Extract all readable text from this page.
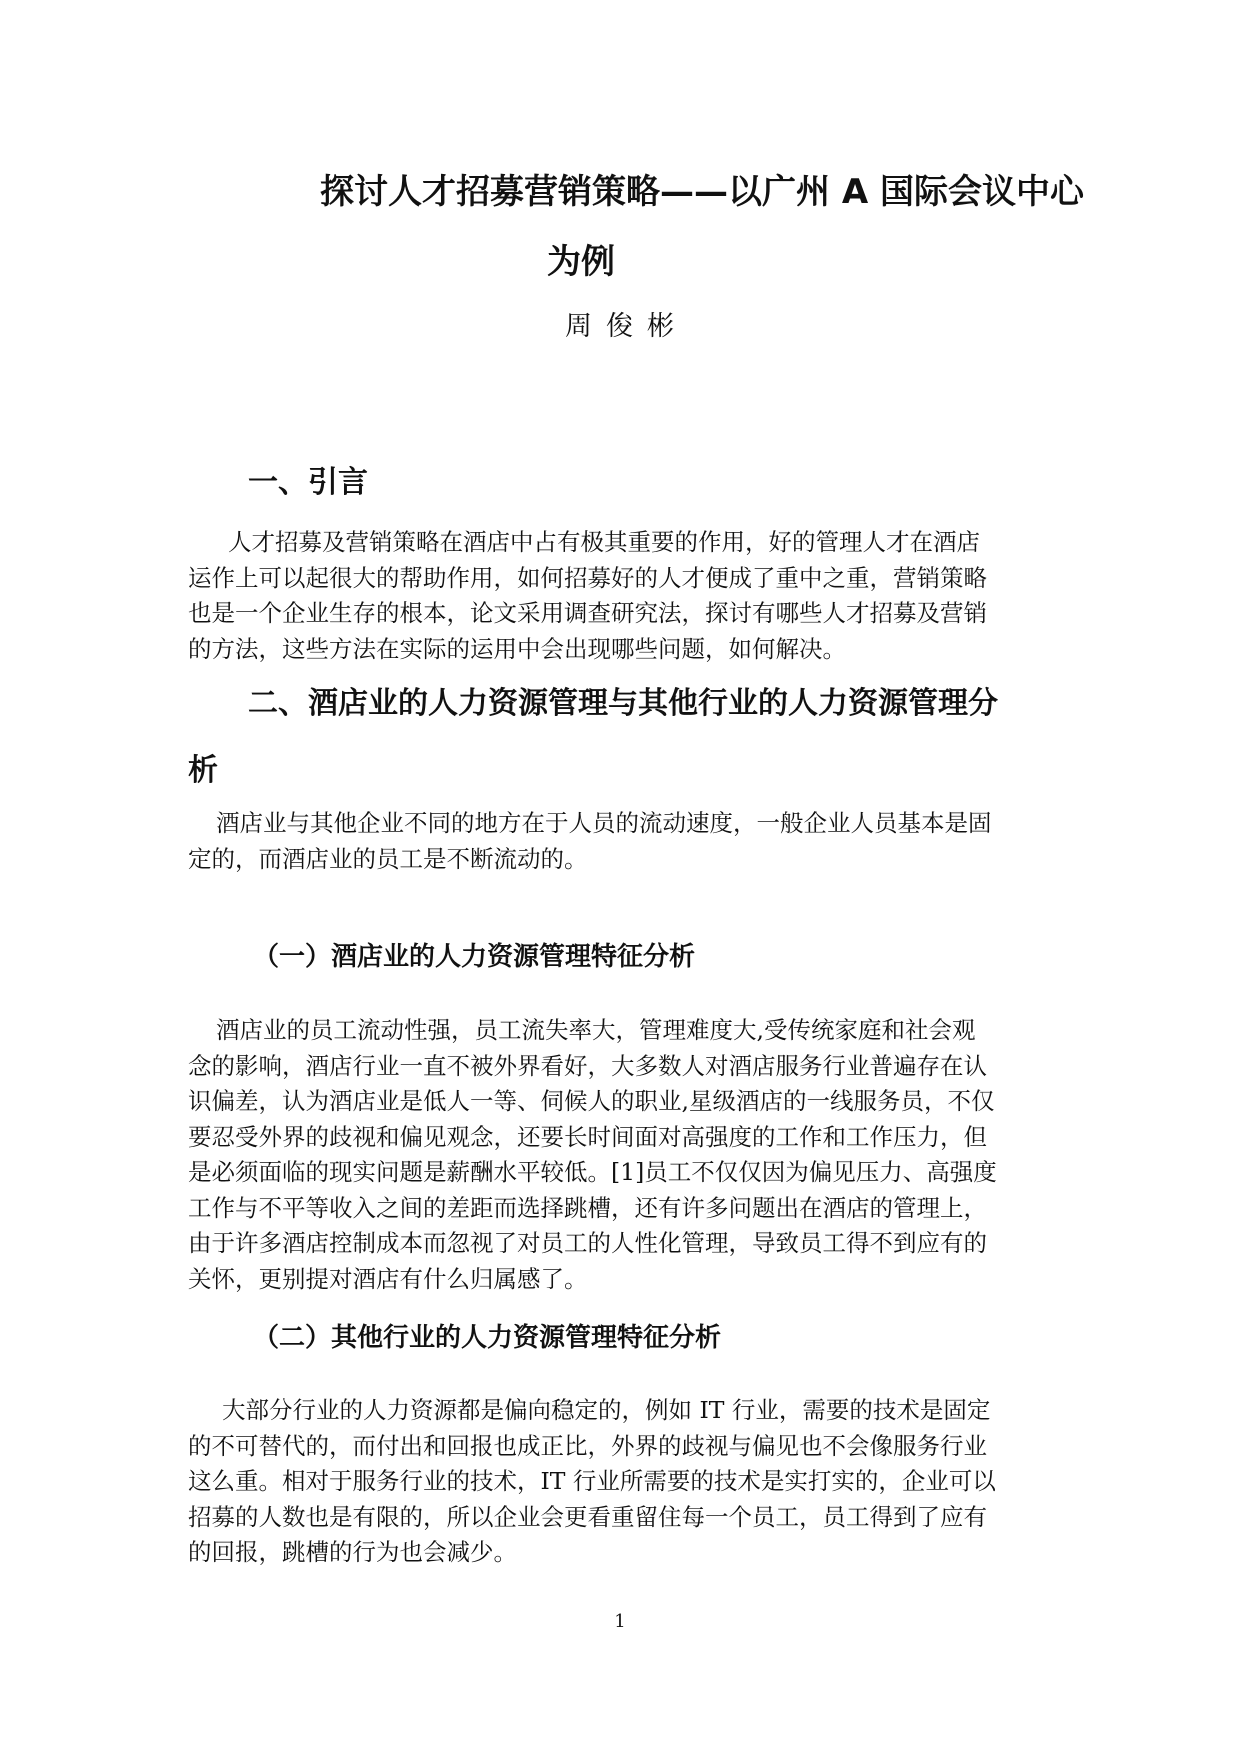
探讨人才招募营销策略——以广州 A 国际会议中心
为例

周俊彬

一、引言
人才招募及营销策略在酒店中占有极其重要的作用，好的管理人才在酒店
运作上可以起很大的帮助作用，如何招募好的人才便成了重中之重，营销策略
也是一个企业生存的根本，论文采用调查研究法，探讨有哪些人才招募及营销
的方法，这些方法在实际的运用中会出现哪些问题，如何解决。
二、酒店业的人力资源管理与其他行业的人力资源管理分
析
酒店业与其他企业不同的地方在于人员的流动速度，一般企业人员基本是固
定的，而酒店业的员工是不断流动的。
（一）酒店业的人力资源管理特征分析
酒店业的员工流动性强，员工流失率大，管理难度大,受传统家庭和社会观
念的影响，酒店行业一直不被外界看好，大多数人对酒店服务行业普遍存在认
识偏差，认为酒店业是低人一等、伺候人的职业,星级酒店的一线服务员，不仅
要忍受外界的歧视和偏见观念，还要长时间面对高强度的工作和工作压力，但
是必须面临的现实问题是薪酬水平较低。[1]员工不仅仅因为偏见压力、高强度
工作与不平等收入之间的差距而选择跳槽，还有许多问题出在酒店的管理上，
由于许多酒店控制成本而忽视了对员工的人性化管理，导致员工得不到应有的
关怀，更别提对酒店有什么归属感了。
（二）其他行业的人力资源管理特征分析
大部分行业的人力资源都是偏向稳定的，例如 IT 行业，需要的技术是固定
的不可替代的，而付出和回报也成正比，外界的歧视与偏见也不会像服务行业
这么重。相对于服务行业的技术，IT 行业所需要的技术是实打实的，企业可以
招募的人数也是有限的，所以企业会更看重留住每一个员工，员工得到了应有
的回报，跳槽的行为也会减少。

1
